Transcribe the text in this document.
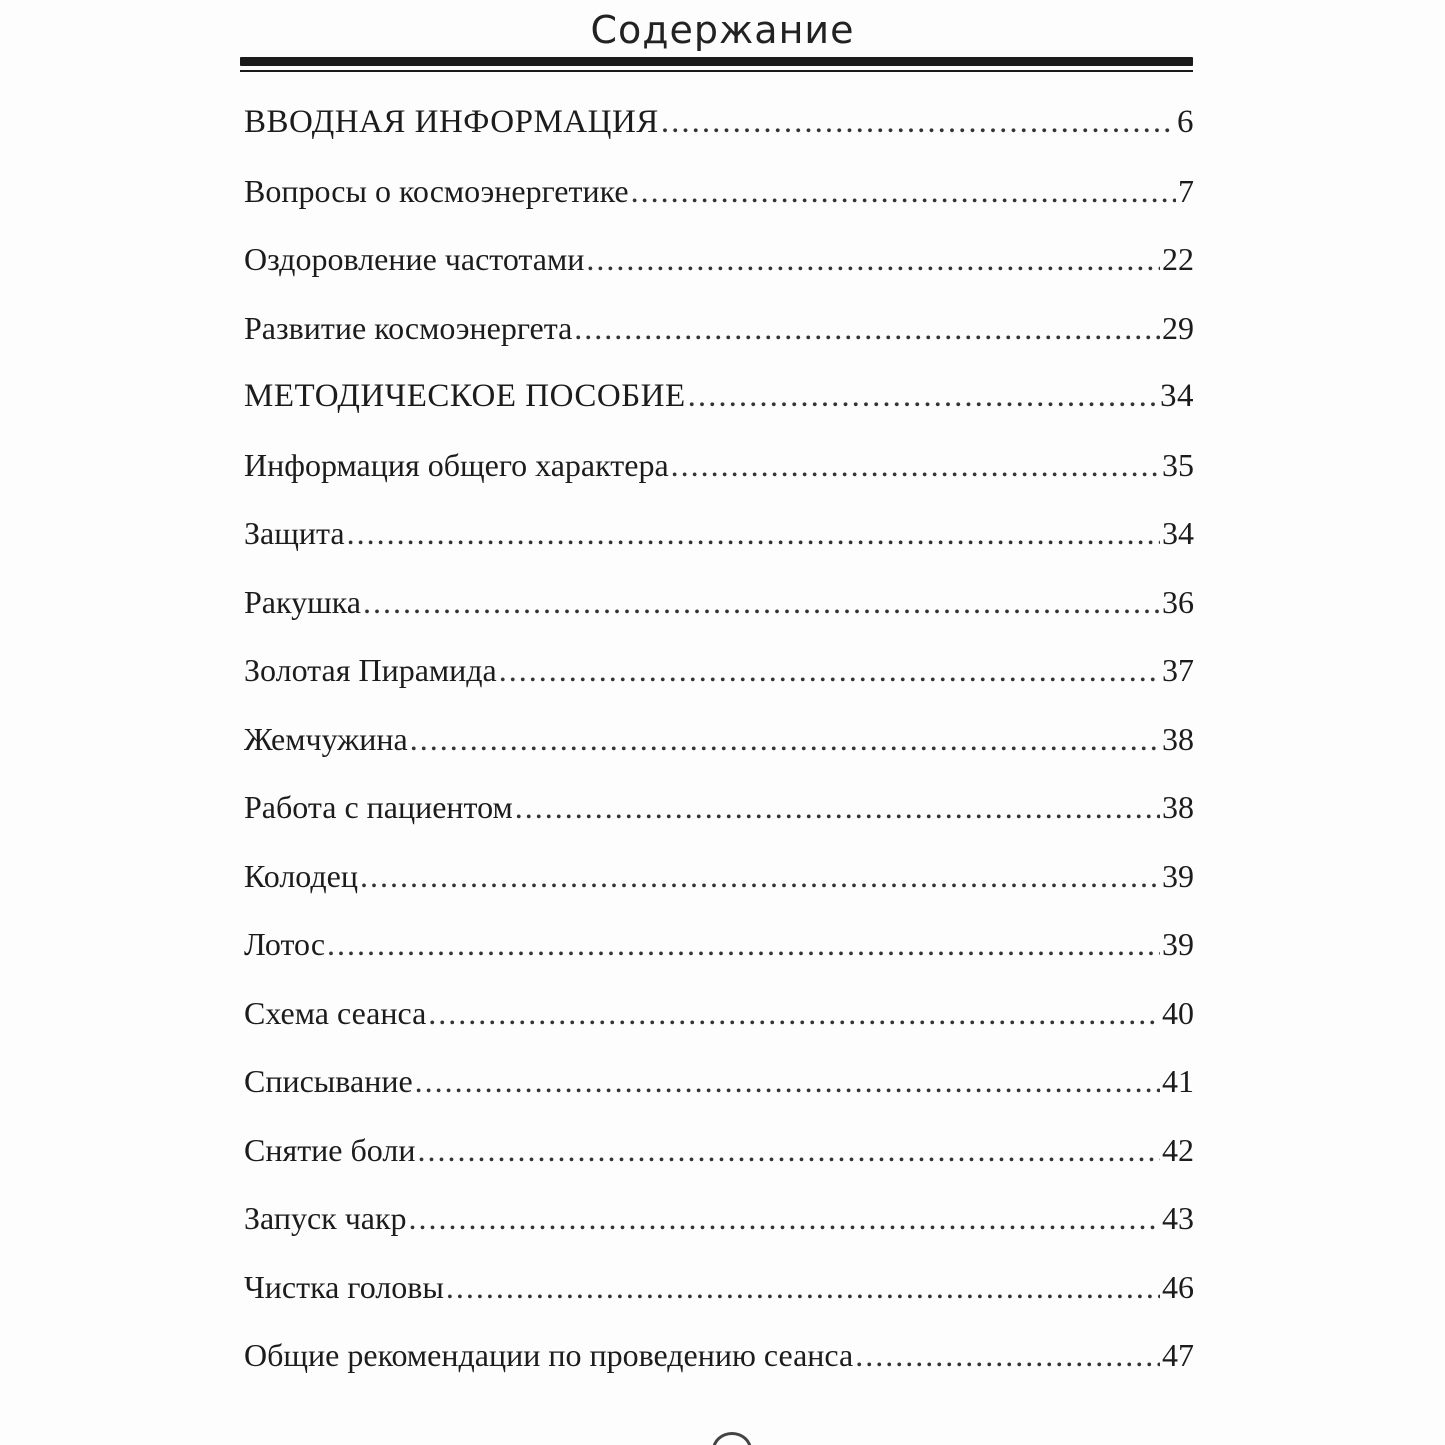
Содержание
ВВОДНАЯ ИНФОРМАЦИЯ .....	6
Вопросы о космоэнергетике .....	7
Оздоровление частотами .....	22
Развитие космоэнергета .....	29
МЕТОДИЧЕСКОЕ ПОСОБИЕ .....	34
Информация общего характера .....	35
Защита .....	34
Ракушка .....	36
Золотая Пирамида .....	37
Жемчужина .....	38
Работа с пациентом .....	38
Колодец .....	39
Лотос .....	39
Схема сеанса .....	40
Списывание .....	41
Снятие боли .....	42
Запуск чакр .....	43
Чистка головы .....	46
Общие рекомендации по проведению сеанса .....	47
